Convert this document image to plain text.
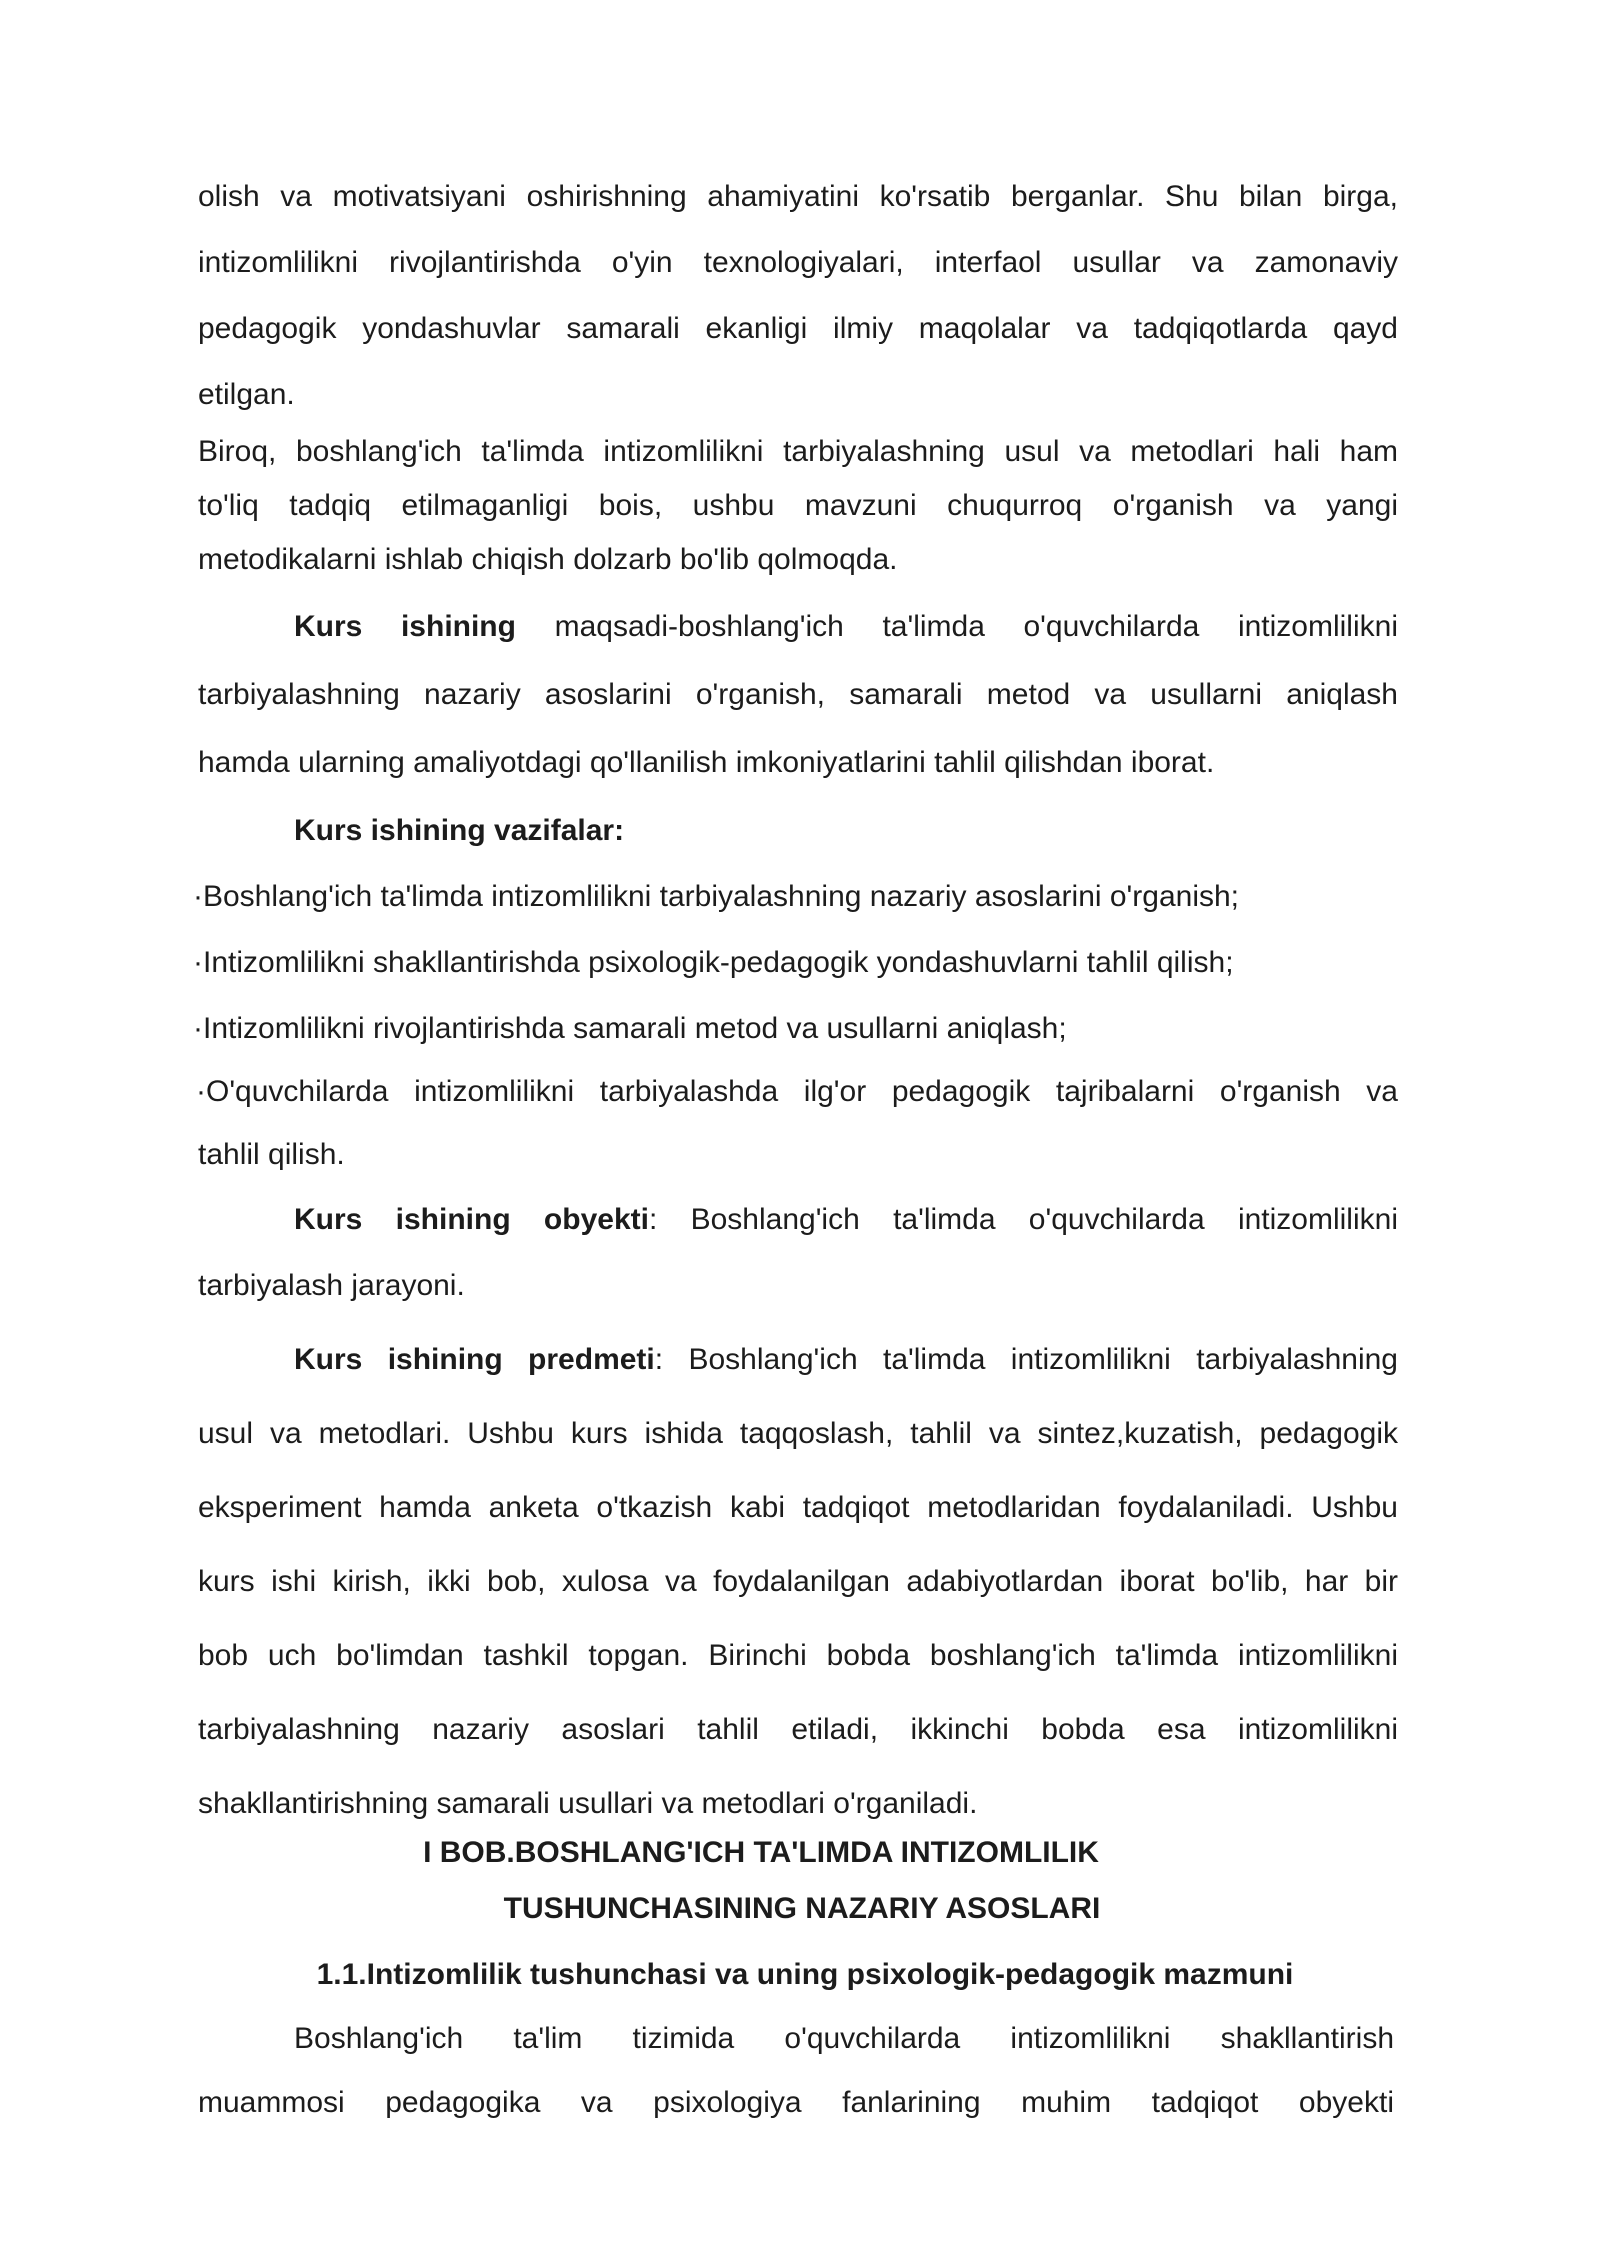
olish va motivatsiyani oshirishning ahamiyatini ko'rsatib berganlar. Shu bilan birga,

intizomlilikni rivojlantirishda o'yin texnologiyalari, interfaol usullar va zamonaviy

pedagogik yondashuvlar samarali ekanligi ilmiy maqolalar va tadqiqotlarda qayd

etilgan.

Biroq, boshlang'ich ta'limda intizomlilikni tarbiyalashning usul va metodlari hali ham

to'liq tadqiq etilmaganligi bois, ushbu mavzuni chuqurroq o'rganish va yangi

metodikalarni ishlab chiqish dolzarb bo'lib qolmoqda.

Kurs ishining maqsadi-boshlang'ich ta'limda o'quvchilarda intizomlilikni

tarbiyalashning nazariy asoslarini o'rganish, samarali metod va usullarni aniqlash

hamda ularning amaliyotdagi qo'llanilish imkoniyatlarini tahlil qilishdan iborat.

Kurs ishining vazifalar:

·Boshlang'ich ta'limda intizomlilikni tarbiyalashning nazariy asoslarini o'rganish;

·Intizomlilikni shakllantirishda psixologik-pedagogik yondashuvlarni tahlil qilish;

·Intizomlilikni rivojlantirishda samarali metod va usullarni aniqlash;

·O'quvchilarda intizomlilikni tarbiyalashda ilg'or pedagogik tajribalarni o'rganish va

tahlil qilish.

Kurs ishining obyekti: Boshlang'ich ta'limda o'quvchilarda intizomlilikni

tarbiyalash jarayoni.

Kurs ishining predmeti: Boshlang'ich ta'limda intizomlilikni tarbiyalashning

usul va metodlari. Ushbu kurs ishida taqqoslash, tahlil va sintez,kuzatish, pedagogik

eksperiment hamda anketa o'tkazish kabi tadqiqot metodlaridan foydalaniladi. Ushbu

kurs ishi kirish, ikki bob, xulosa va foydalanilgan adabiyotlardan iborat bo'lib, har bir

bob uch bo'limdan tashkil topgan. Birinchi bobda boshlang'ich ta'limda intizomlilikni

tarbiyalashning nazariy asoslari tahlil etiladi, ikkinchi bobda esa intizomlilikni

shakllantirishning samarali usullari va metodlari o'rganiladi.

I BOB.BOSHLANG'ICH TA'LIMDA INTIZOMLILIK

TUSHUNCHASINING NAZARIY ASOSLARI

1.1.Intizomlilik tushunchasi va uning psixologik-pedagogik mazmuni

Boshlang'ich ta'lim tizimida o'quvchilarda intizomlilikni shakllantirish

muammosi pedagogika va psixologiya fanlarining muhim tadqiqot obyekti
